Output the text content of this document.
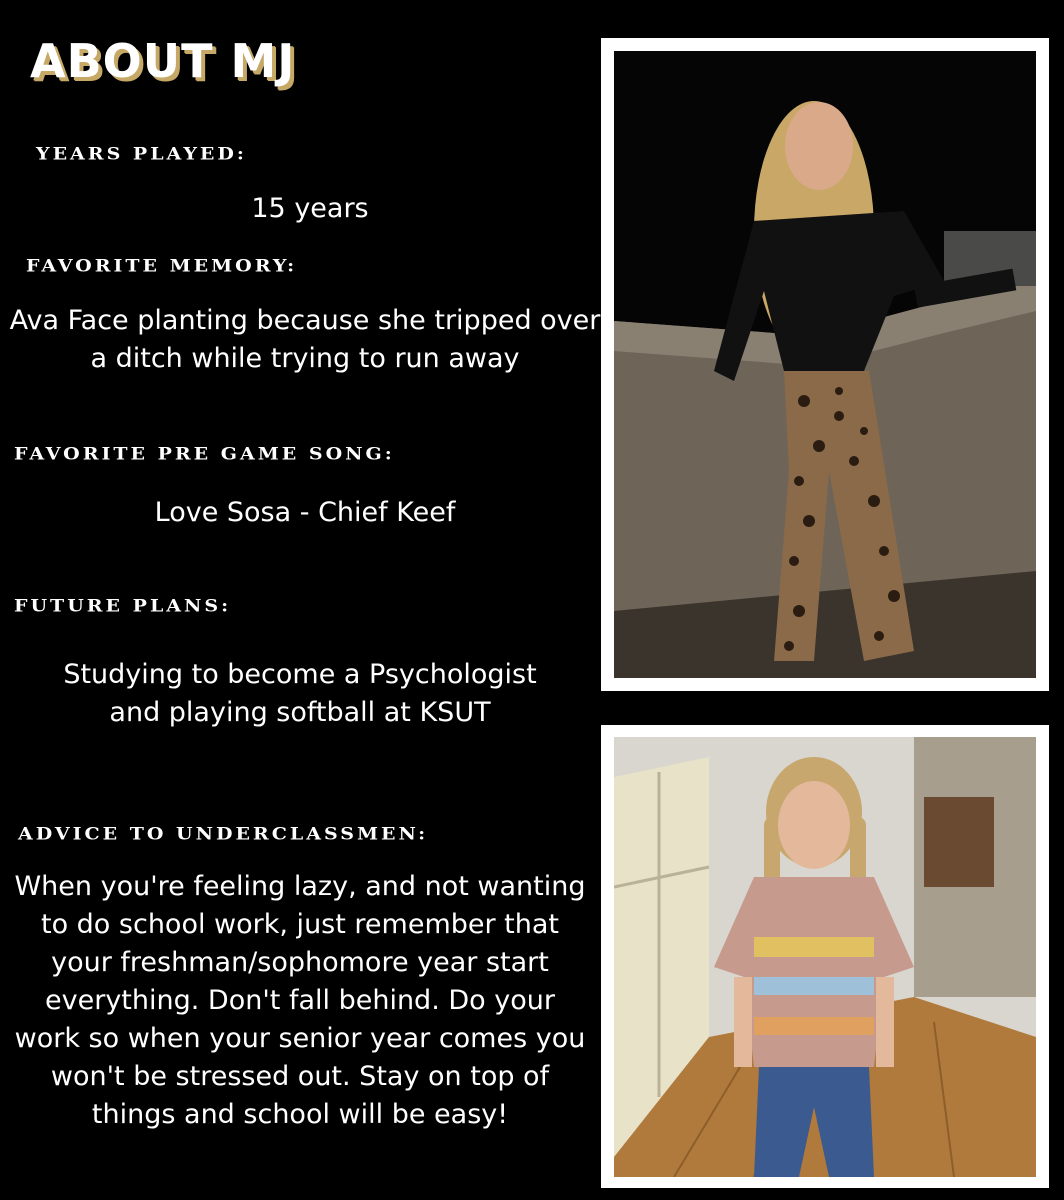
ABOUT MJ
YEARS PLAYED:
15 years
FAVORITE MEMORY:
Ava Face planting because she tripped over a ditch while trying to run away
FAVORITE PRE GAME SONG:
Love Sosa - Chief Keef
FUTURE PLANS:
Studying to become a Psychologist and playing softball at KSUT
ADVICE TO UNDERCLASSMEN:
When you're feeling lazy, and not wanting to do school work, just remember that your freshman/sophomore year start everything. Don't fall behind. Do your work so when your senior year comes you won't be stressed out. Stay on top of things and school will be easy!
